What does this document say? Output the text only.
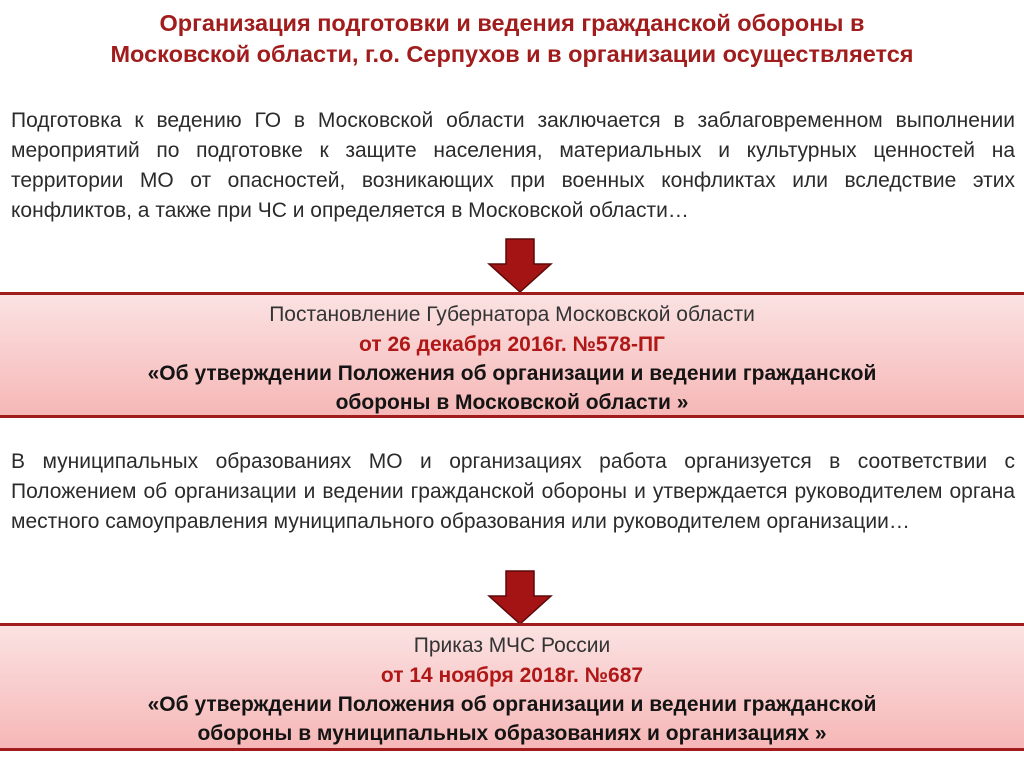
Организация подготовки и ведения гражданской обороны в
Московской области, г.о. Серпухов и в организации осуществляется
Подготовка к ведению ГО в Московской области заключается в заблаговременном выполнении мероприятий по подготовке к защите населения, материальных и культурных ценностей на территории МО от опасностей, возникающих при военных конфликтах или вследствие этих конфликтов, а также при ЧС и определяется в Московской области…
Постановление Губернатора Московской области
от 26 декабря 2016г. №578-ПГ
«Об утверждении Положения об организации и ведении гражданской
обороны в Московской области »
В муниципальных образованиях МО и организациях работа организуется в соответствии с Положением об организации и ведении гражданской обороны и утверждается руководителем органа местного самоуправления муниципального образования или руководителем организации…
Приказ МЧС России
от 14 ноября 2018г. №687
«Об утверждении Положения об организации и ведении гражданской
обороны в муниципальных образованиях и организациях »
